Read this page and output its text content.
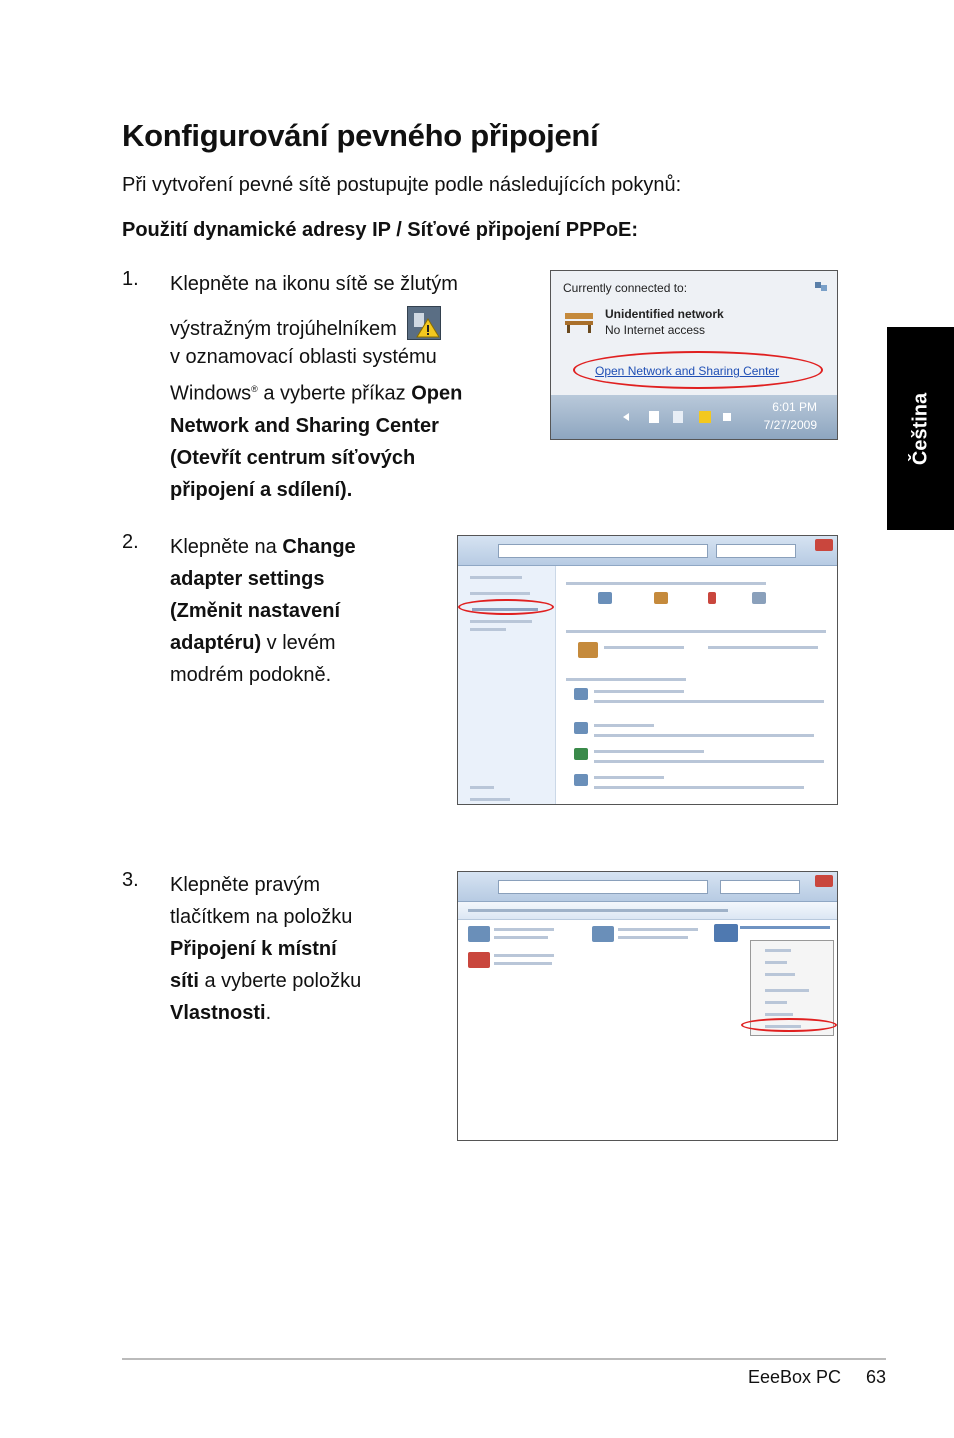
Konfigurování pevného připojení
Při vytvoření pevné sítě postupujte podle následujících pokynů:
Použití dynamické adresy IP / Síťové připojení PPPoE:
Čeština
1. Klepněte na ikonu sítě se žlutým
výstražným trojúhelníkem
v oznamovací oblasti systému
Windows® a vyberte příkaz Open
Network and Sharing Center
(Otevřít centrum síťových
připojení a sdílení).
Currently connected to:
Unidentified network
No Internet access
Open Network and Sharing Center
6:01 PM
7/27/2009
2. Klepněte na Change
adapter settings
(Změnit nastavení
adaptéru) v levém
modrém podokně.
3. Klepněte pravým
tlačítkem na položku
Připojení k místní
síti a vyberte položku
Vlastnosti.
EeeBox PC 63
